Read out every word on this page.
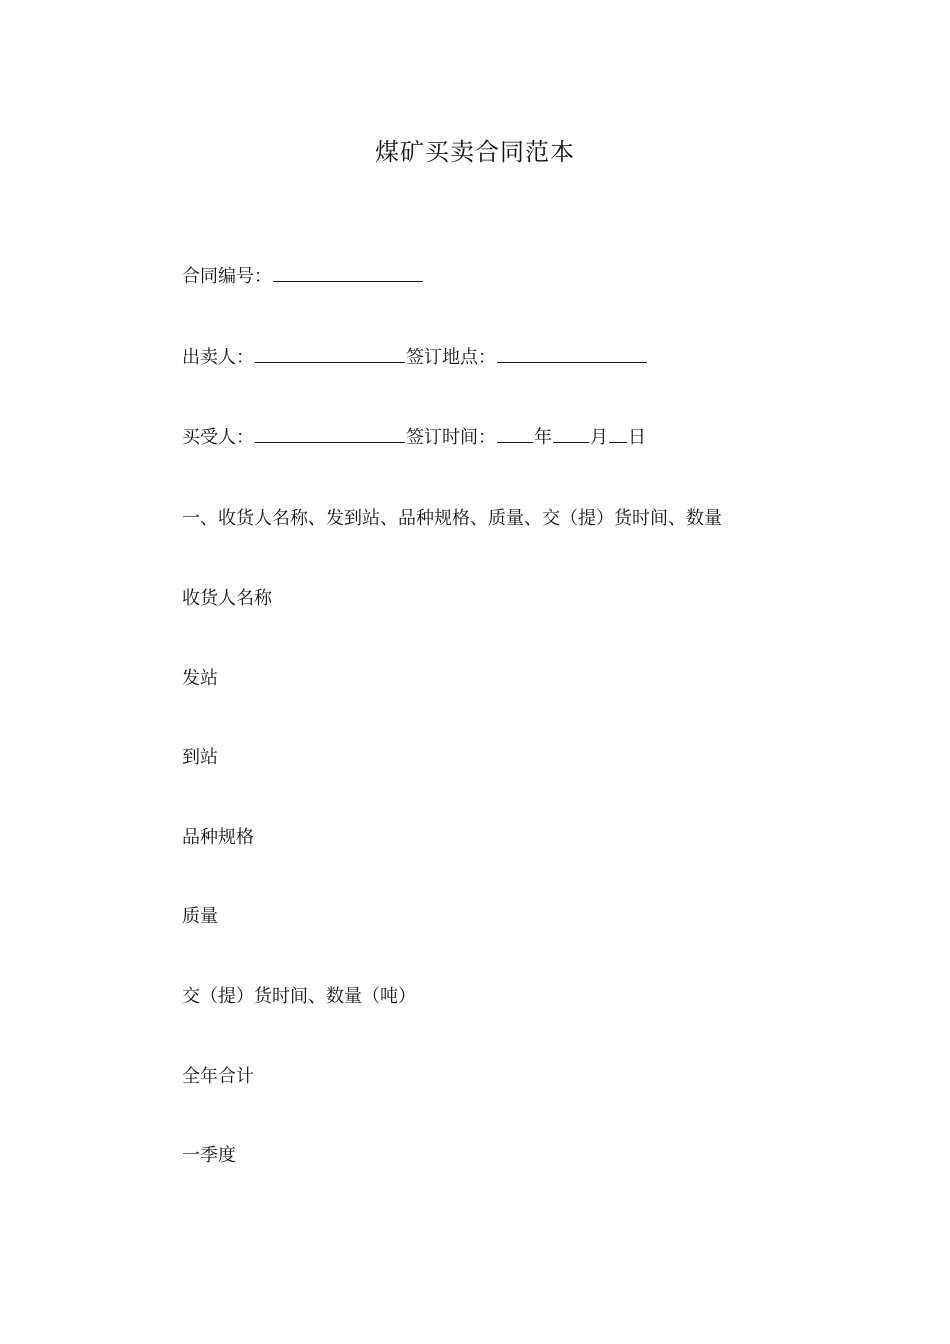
煤矿买卖合同范本
合同编号：
出卖人：	签订地点：
买受人：	签订时间： 年 月 日
一、收货人名称、发到站、品种规格、质量、交（提）货时间、数量
收货人名称
发站
到站
品种规格
质量
交（提）货时间、数量（吨）
全年合计
一季度
